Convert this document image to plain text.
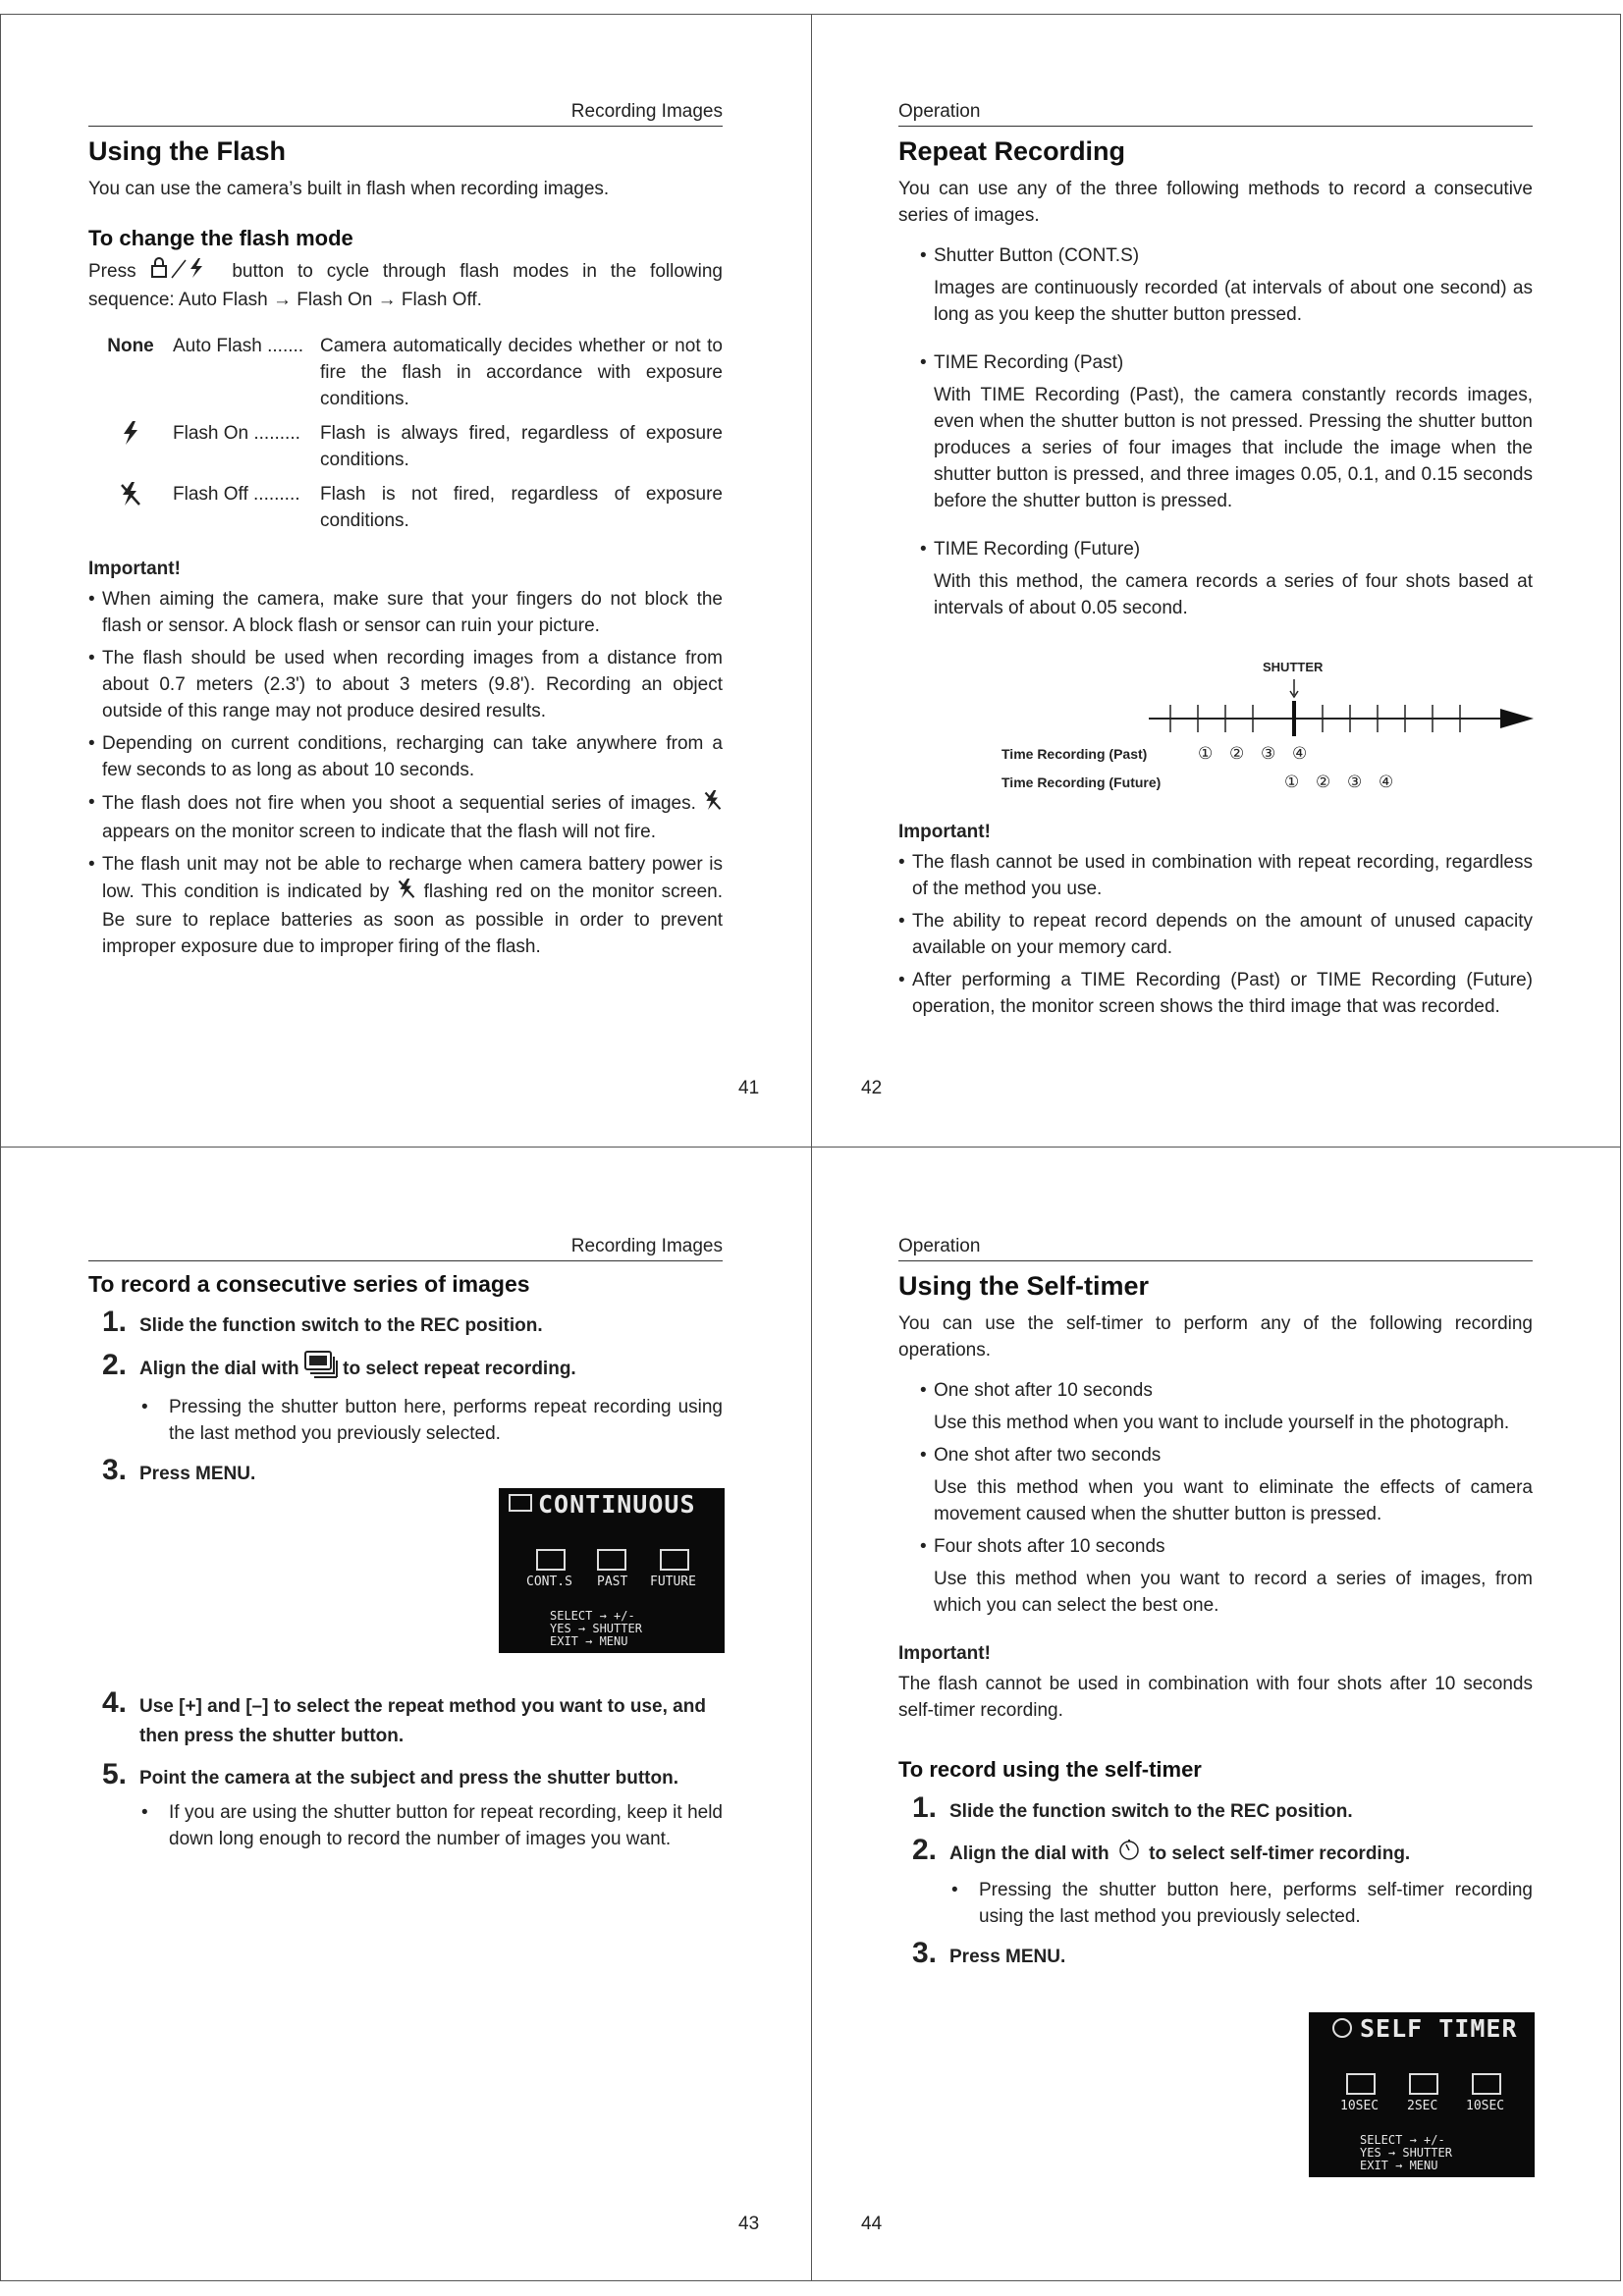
Recording Images
Using the Flash

You can use the camera’s built in flash when recording images.

To change the flash mode

Press	button to cycle through flash modes in the following sequence: Auto Flash → Flash On → Flash Off.

None	Auto Flash ....... Camera automatically decides whether or not to fire the flash in accordance with exposure conditions.
Flash On .........	Flash is always fired, regardless of exposure conditions.
Flash Off .........	Flash is not fired, regardless of exposure conditions.
Important!
• When aiming the camera, make sure that your fingers do not block the flash or sensor. A block flash or sensor can ruin your picture.
• The flash should be used when recording images from a distance from about 0.7 meters (2.3') to about 3 meters (9.8'). Recording an object outside of this range may not produce desired results.
• Depending on current conditions, recharging can take anywhere from a few seconds to as long as about 10 seconds.
• The flash does not fire when you shoot a sequential series of images.  appears on the monitor screen to indicate that the flash will not fire.
• The flash unit may not be able to recharge when camera battery power is low. This condition is indicated by flashing red on the monitor screen. Be sure to replace batteries as soon as possible in order to prevent improper exposure due to improper firing of the flash.
41
Operation
Repeat Recording

You can use any of the three following methods to record a consecutive series of images.

• Shutter Button (CONT.S)
Images are continuously recorded (at intervals of about one second) as long as you keep the shutter button pressed.
• TIME Recording (Past)
With TIME Recording (Past), the camera constantly records images, even when the shutter button is not pressed. Pressing the shutter button produces a series of four images that include the image when the shutter button is pressed, and three images 0.05, 0.1, and 0.15 seconds before the shutter button is pressed.
• TIME Recording (Future)
With this method, the camera records a series of four shots based at intervals of about 0.05 second.
SHUTTER
Time Recording (Past)
Time Recording (Future)
① ② ③ ④
① ② ③ ④
Important!
• The flash cannot be used in combination with repeat recording, regardless of the method you use.
• The ability to repeat record depends on the amount of unused capacity available on your memory card.
• After performing a TIME Recording (Past) or TIME Recording (Future) operation, the monitor screen shows the third image that was recorded.
42
Recording Images
To record a consecutive series of images
1. Slide the function switch to the REC position.
2. Align the dial with to select repeat recording.
• Pressing the shutter button here, performs repeat recording using the last method you previously selected.
3. Press MENU.
4. Use [+] and [–] to select the repeat method you want to use, and then press the shutter button.
5. Point the camera at the subject and press the shutter button.
• If you are using the shutter button for repeat recording, keep it held down long enough to record the number of images you want.
CONTINUOUS
CONT.S PAST FUTURE
SELECT → +/-
YES → SHUTTER
EXIT → MENU
43
Operation
Using the Self-timer

You can use the self-timer to perform any of the following recording operations.

• One shot after 10 seconds
Use this method when you want to include yourself in the photograph.
• One shot after two seconds
Use this method when you want to eliminate the effects of camera movement caused when the shutter button is pressed.
• Four shots after 10 seconds
Use this method when you want to record a series of images, from which you can select the best one.
Important!

The flash cannot be used in combination with four shots after 10 seconds self-timer recording.

To record using the self-timer
1. Slide the function switch to the REC position.
2. Align the dial with to select self-timer recording.
• Pressing the shutter button here, performs self-timer recording using the last method you previously selected.
3. Press MENU.
SELF TIMER
10SEC 2SEC 10SEC
SELECT → +/-
YES → SHUTTER
EXIT → MENU
44
